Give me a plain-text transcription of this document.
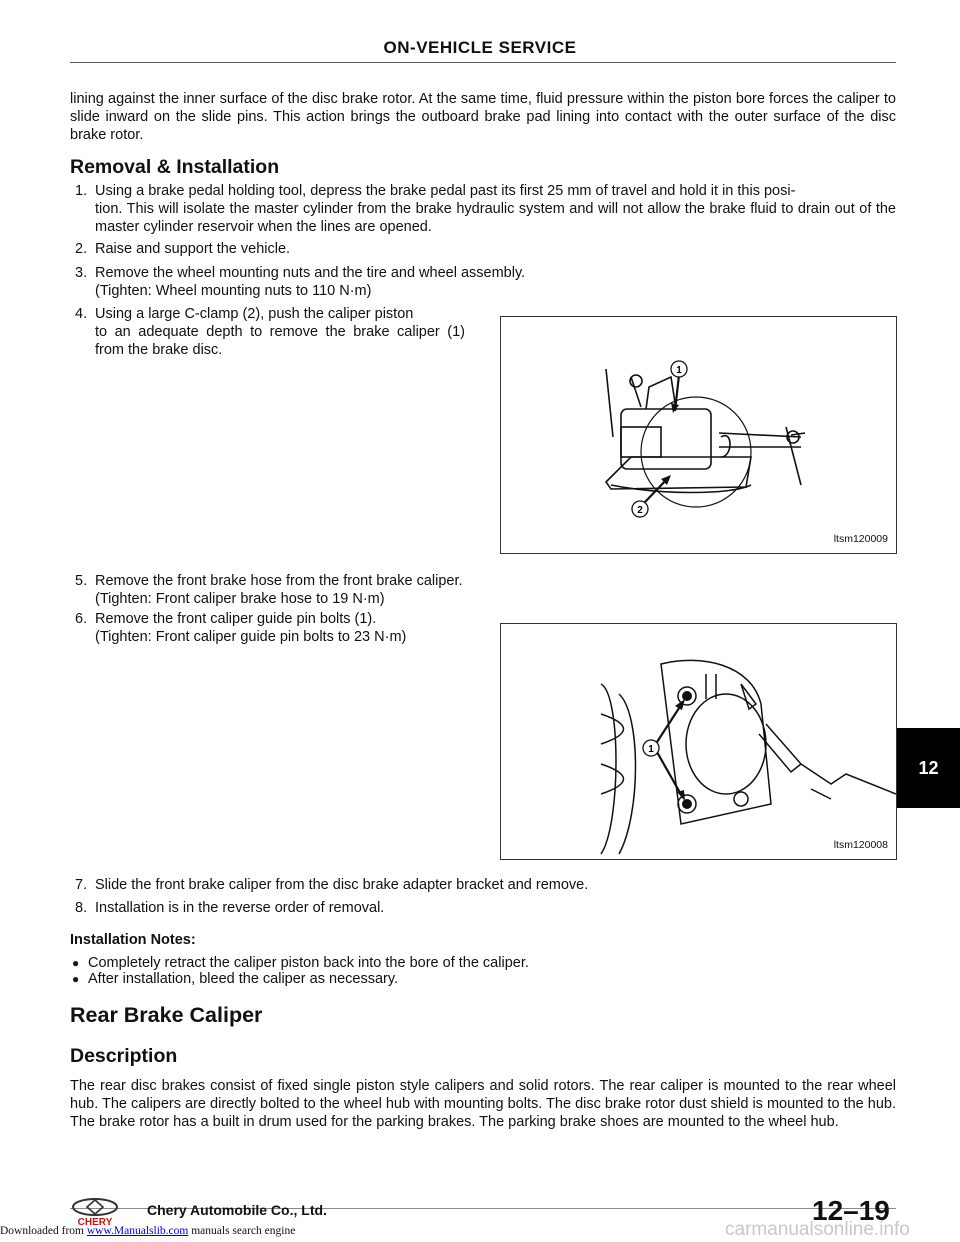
ON-VEHICLE SERVICE
lining against the inner surface of the disc brake rotor. At the same time, fluid pressure within the piston bore forces the caliper to slide inward on the slide pins. This action brings the outboard brake pad lining into contact with the outer surface of the disc brake rotor.
Removal & Installation
1. Using a brake pedal holding tool, depress the brake pedal past its first 25 mm of travel and hold it in this posi-
tion. This will isolate the master cylinder from the brake hydraulic system and will not allow the brake fluid to drain out of the master cylinder reservoir when the lines are opened.
2. Raise and support the vehicle.
3. Remove the wheel mounting nuts and the tire and wheel assembly.
(Tighten: Wheel mounting nuts to 110 N·m)
4. Using a large C-clamp (2), push the caliper piston
to an adequate depth to remove the brake caliper (1) from the brake disc.
1
2
ltsm120009
5. Remove the front brake hose from the front brake caliper.
(Tighten: Front caliper brake hose to 19 N·m)
6. Remove the front caliper guide pin bolts (1).
(Tighten: Front caliper guide pin bolts to 23 N·m)
1
ltsm120008
7. Slide the front brake caliper from the disc brake adapter bracket and remove.
8. Installation is in the reverse order of removal.
Installation Notes:
● Completely retract the caliper piston back into the bore of the caliper.
● After installation, bleed the caliper as necessary.
Rear Brake Caliper
Description
The rear disc brakes consist of fixed single piston style calipers and solid rotors. The rear caliper is mounted to the rear wheel hub. The calipers are directly bolted to the wheel hub with mounting bolts. The disc brake rotor dust shield is mounted to the hub. The brake rotor has a built in drum used for the parking brakes. The parking brake shoes are mounted to the wheel hub.
12
CHERY
Chery Automobile Co., Ltd.	12–19
carmanualsonline.info
Downloaded from www.Manualslib.com manuals search engine
